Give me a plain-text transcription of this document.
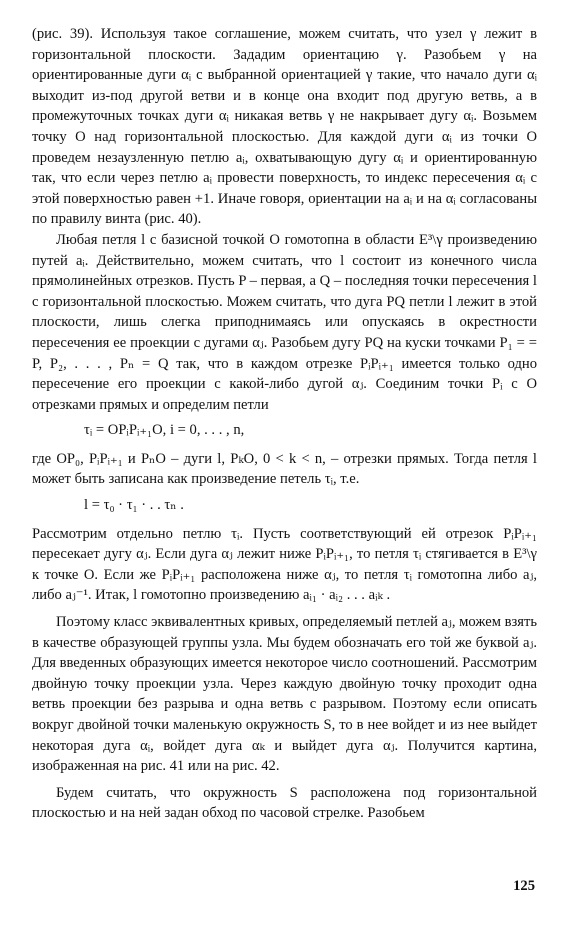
(рис. 39). Используя такое соглашение, можем считать, что узел γ лежит в горизонтальной плоскости. Зададим ориентацию γ. Разобьем γ на ориентированные дуги αᵢ с выбранной ориентацией γ такие, что начало дуги αᵢ выходит из-под другой ветви и в конце она входит под другую ветвь, а в промежуточных точках дуги αᵢ никакая ветвь γ не накрывает дугу αᵢ. Возьмем точку O над горизонтальной плоскостью. Для каждой дуги αᵢ из точки O проведем незаузленную петлю aᵢ, охватывающую дугу αᵢ и ориентированную так, что если через петлю aᵢ провести поверхность, то индекс пересечения αᵢ с этой поверхностью равен +1. Иначе говоря, ориентации на aᵢ и на αᵢ согласованы по правилу винта (рис. 40).

Любая петля l с базисной точкой O гомотопна в области E³\γ произведению путей aᵢ. Действительно, можем считать, что l состоит из конечного числа прямолинейных отрезков. Пусть P – первая, а Q – последняя точки пересечения l с горизонтальной плоскостью. Можем считать, что дуга PQ петли l лежит в этой плоскости, лишь слегка приподнимаясь или опускаясь в окрестности пересечения ее проекции с дугами αⱼ. Разобьем дугу PQ на куски точками P₁ = = P, P₂, . . . , Pₙ = Q так, что в каждом отрезке PᵢPᵢ₊₁ имеется только одно пересечение его проекции с какой-либо дугой αⱼ. Соединим точки Pᵢ с O отрезками прямых и определим петли

τᵢ = OPᵢPᵢ₊₁O, i = 0, . . . , n,

где OP₀, PᵢPᵢ₊₁ и PₙO – дуги l, PₖO, 0 < k < n, – отрезки прямых. Тогда петля l может быть записана как произведение петель τᵢ, т.е.

l = τ₀ · τ₁ · . . τₙ .

Рассмотрим отдельно петлю τᵢ. Пусть соответствующий ей отрезок PᵢPᵢ₊₁ пересекает дугу αⱼ. Если дуга αⱼ лежит ниже PᵢPᵢ₊₁, то петля τᵢ стягивается в E³\γ к точке O. Если же PᵢPᵢ₊₁ расположена ниже αⱼ, то петля τᵢ гомотопна либо aⱼ, либо aⱼ⁻¹. Итак, l гомотопно произведению aᵢ₁ · aᵢ₂ . . . aᵢₖ .

Поэтому класс эквивалентных кривых, определяемый петлей aⱼ, можем взять в качестве образующей группы узла. Мы будем обозначать его той же буквой aⱼ. Для введенных образующих имеется некоторое число соотношений. Рассмотрим двойную точку проекции узла. Через каждую двойную точку проходит одна ветвь проекции без разрыва и одна ветвь с разрывом. Поэтому если описать вокруг двойной точки маленькую окружность S, то в нее войдет и из нее выйдет некоторая дуга αᵢ, войдет дуга αₖ и выйдет дуга αⱼ. Получится картина, изображенная на рис. 41 или на рис. 42.

Будем считать, что окружность S расположена под горизонтальной плоскостью и на ней задан обход по часовой стрелке. Разобьем

125
